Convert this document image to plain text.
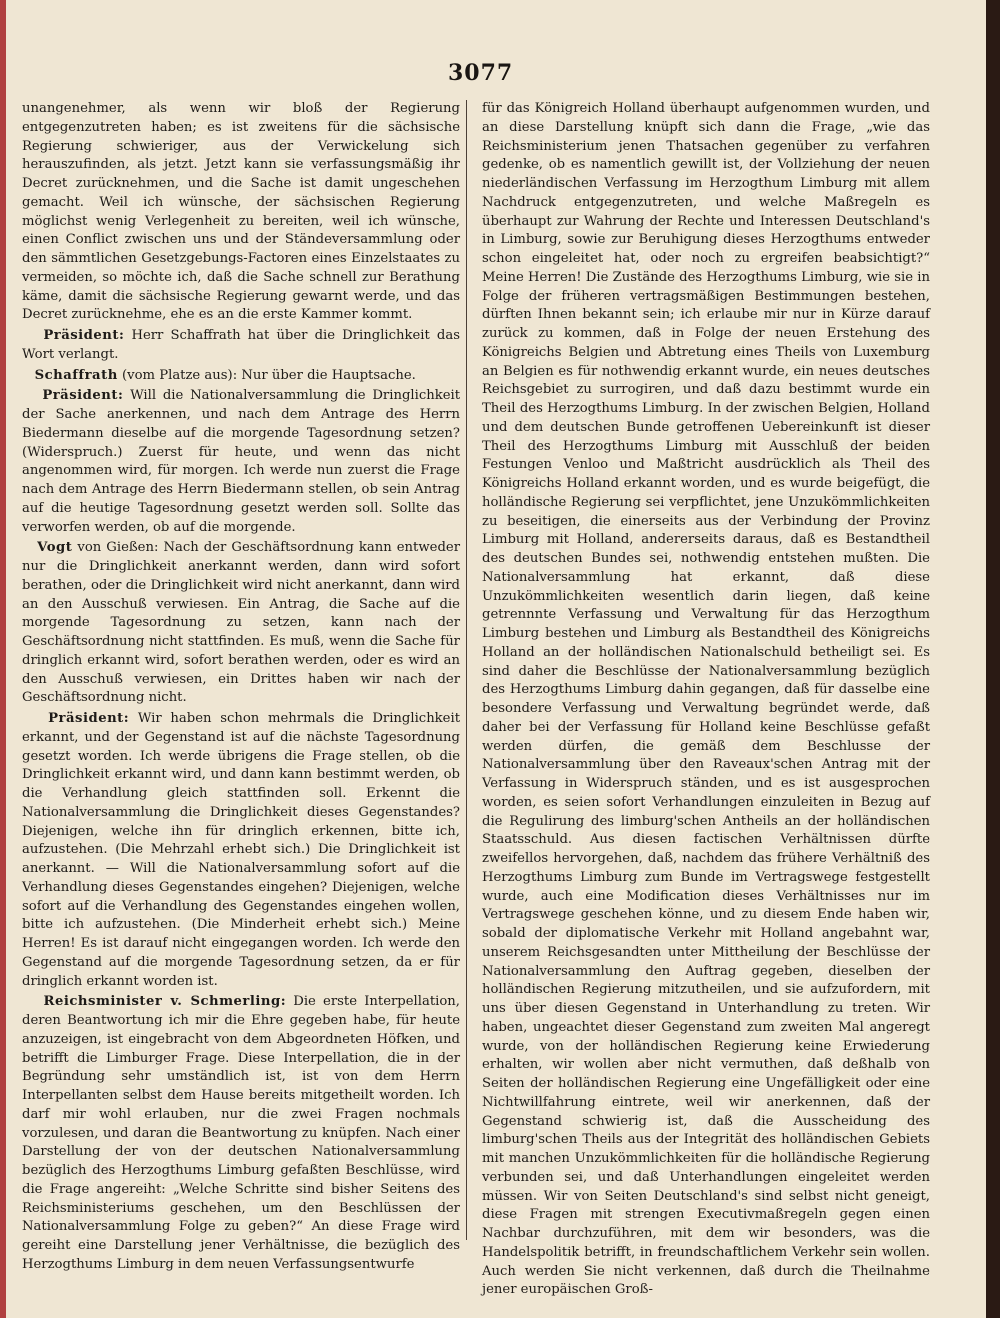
3077

unangenehmer, als wenn wir bloß der Regierung entgegenzutreten haben; es ist zweitens für die sächsische Regierung schwieriger, aus der Verwickelung sich herauszufinden, als jetzt. Jetzt kann sie verfassungsmäßig ihr Decret zurücknehmen, und die Sache ist damit ungeschehen gemacht. Weil ich wünsche, der sächsischen Regierung möglichst wenig Verlegenheit zu bereiten, weil ich wünsche, einen Conflict zwischen uns und der Ständeversammlung oder den sämmtlichen Gesetzgebungs-Factoren eines Einzelstaates zu vermeiden, so möchte ich, daß die Sache schnell zur Berathung käme, damit die sächsische Regierung gewarnt werde, und das Decret zurücknehme, ehe es an die erste Kammer kommt.

Präsident: Herr Schaffrath hat über die Dringlichkeit das Wort verlangt.

Schaffrath (vom Platze aus): Nur über die Hauptsache.

Präsident: Will die Nationalversammlung die Dringlichkeit der Sache anerkennen, und nach dem Antrage des Herrn Biedermann dieselbe auf die morgende Tagesordnung setzen? (Widerspruch.) Zuerst für heute, und wenn das nicht angenommen wird, für morgen. Ich werde nun zuerst die Frage nach dem Antrage des Herrn Biedermann stellen, ob sein Antrag auf die heutige Tagesordnung gesetzt werden soll. Sollte das verworfen werden, ob auf die morgende.

Vogt von Gießen: Nach der Geschäftsordnung kann entweder nur die Dringlichkeit anerkannt werden, dann wird sofort berathen, oder die Dringlichkeit wird nicht anerkannt, dann wird an den Ausschuß verwiesen. Ein Antrag, die Sache auf die morgende Tagesordnung zu setzen, kann nach der Geschäftsordnung nicht stattfinden. Es muß, wenn die Sache für dringlich erkannt wird, sofort berathen werden, oder es wird an den Ausschuß verwiesen, ein Drittes haben wir nach der Geschäftsordnung nicht.

Präsident: Wir haben schon mehrmals die Dringlichkeit erkannt, und der Gegenstand ist auf die nächste Tagesordnung gesetzt worden. Ich werde übrigens die Frage stellen, ob die Dringlichkeit erkannt wird, und dann kann bestimmt werden, ob die Verhandlung gleich stattfinden soll. Erkennt die Nationalversammlung die Dringlichkeit dieses Gegenstandes? Diejenigen, welche ihn für dringlich erkennen, bitte ich, aufzustehen. (Die Mehrzahl erhebt sich.) Die Dringlichkeit ist anerkannt. — Will die Nationalversammlung sofort auf die Verhandlung dieses Gegenstandes eingehen? Diejenigen, welche sofort auf die Verhandlung des Gegenstandes eingehen wollen, bitte ich aufzustehen. (Die Minderheit erhebt sich.) Meine Herren! Es ist darauf nicht eingegangen worden. Ich werde den Gegenstand auf die morgende Tagesordnung setzen, da er für dringlich erkannt worden ist.

Reichsminister v. Schmerling: Die erste Interpellation, deren Beantwortung ich mir die Ehre gegeben habe, für heute anzuzeigen, ist eingebracht von dem Abgeordneten Höfken, und betrifft die Limburger Frage. Diese Interpellation, die in der Begründung sehr umständlich ist, ist von dem Herrn Interpellanten selbst dem Hause bereits mitgetheilt worden. Ich darf mir wohl erlauben, nur die zwei Fragen nochmals vorzulesen, und daran die Beantwortung zu knüpfen. Nach einer Darstellung der von der deutschen Nationalversammlung bezüglich des Herzogthums Limburg gefaßten Beschlüsse, wird die Frage angereiht: „Welche Schritte sind bisher Seitens des Reichsministeriums geschehen, um den Beschlüssen der Nationalversammlung Folge zu geben?“ An diese Frage wird gereiht eine Darstellung jener Verhältnisse, die bezüglich des Herzogthums Limburg in dem neuen Verfassungsentwurfe

für das Königreich Holland überhaupt aufgenommen wurden, und an diese Darstellung knüpft sich dann die Frage, „wie das Reichsministerium jenen Thatsachen gegenüber zu verfahren gedenke, ob es namentlich gewillt ist, der Vollziehung der neuen niederländischen Verfassung im Herzogthum Limburg mit allem Nachdruck entgegenzutreten, und welche Maßregeln es überhaupt zur Wahrung der Rechte und Interessen Deutschland's in Limburg, sowie zur Beruhigung dieses Herzogthums entweder schon eingeleitet hat, oder noch zu ergreifen beabsichtigt?“ Meine Herren! Die Zustände des Herzogthums Limburg, wie sie in Folge der früheren vertragsmäßigen Bestimmungen bestehen, dürften Ihnen bekannt sein; ich erlaube mir nur in Kürze darauf zurück zu kommen, daß in Folge der neuen Erstehung des Königreichs Belgien und Abtretung eines Theils von Luxemburg an Belgien es für nothwendig erkannt wurde, ein neues deutsches Reichsgebiet zu surrogiren, und daß dazu bestimmt wurde ein Theil des Herzogthums Limburg. In der zwischen Belgien, Holland und dem deutschen Bunde getroffenen Uebereinkunft ist dieser Theil des Herzogthums Limburg mit Ausschluß der beiden Festungen Venloo und Maßtricht ausdrücklich als Theil des Königreichs Holland erkannt worden, und es wurde beigefügt, die holländische Regierung sei verpflichtet, jene Unzukömmlichkeiten zu beseitigen, die einerseits aus der Verbindung der Provinz Limburg mit Holland, andererseits daraus, daß es Bestandtheil des deutschen Bundes sei, nothwendig entstehen mußten. Die Nationalversammlung hat erkannt, daß diese Unzukömmlichkeiten wesentlich darin liegen, daß keine getrennnte Verfassung und Verwaltung für das Herzogthum Limburg bestehen und Limburg als Bestandtheil des Königreichs Holland an der holländischen Nationalschuld betheiligt sei. Es sind daher die Beschlüsse der Nationalversammlung bezüglich des Herzogthums Limburg dahin gegangen, daß für dasselbe eine besondere Verfassung und Verwaltung begründet werde, daß daher bei der Verfassung für Holland keine Beschlüsse gefaßt werden dürfen, die gemäß dem Beschlusse der Nationalversammlung über den Raveaux'schen Antrag mit der Verfassung in Widerspruch ständen, und es ist ausgesprochen worden, es seien sofort Verhandlungen einzuleiten in Bezug auf die Regulirung des limburg'schen Antheils an der holländischen Staatsschuld. Aus diesen factischen Verhältnissen dürfte zweifellos hervorgehen, daß, nachdem das frühere Verhältniß des Herzogthums Limburg zum Bunde im Vertragswege festgestellt wurde, auch eine Modification dieses Verhältnisses nur im Vertragswege geschehen könne, und zu diesem Ende haben wir, sobald der diplomatische Verkehr mit Holland angebahnt war, unserem Reichsgesandten unter Mittheilung der Beschlüsse der Nationalversammlung den Auftrag gegeben, dieselben der holländischen Regierung mitzutheilen, und sie aufzufordern, mit uns über diesen Gegenstand in Unterhandlung zu treten. Wir haben, ungeachtet dieser Gegenstand zum zweiten Mal angeregt wurde, von der holländischen Regierung keine Erwiederung erhalten, wir wollen aber nicht vermuthen, daß deßhalb von Seiten der holländischen Regierung eine Ungefälligkeit oder eine Nichtwillfahrung eintrete, weil wir anerkennen, daß der Gegenstand schwierig ist, daß die Ausscheidung des limburg'schen Theils aus der Integrität des holländischen Gebiets mit manchen Unzukömmlichkeiten für die holländische Regierung verbunden sei, und daß Unterhandlungen eingeleitet werden müssen. Wir von Seiten Deutschland's sind selbst nicht geneigt, diese Fragen mit strengen Executivmaßregeln gegen einen Nachbar durchzuführen, mit dem wir besonders, was die Handelspolitik betrifft, in freundschaftlichem Verkehr sein wollen. Auch werden Sie nicht verkennen, daß durch die Theilnahme jener europäischen Groß-
